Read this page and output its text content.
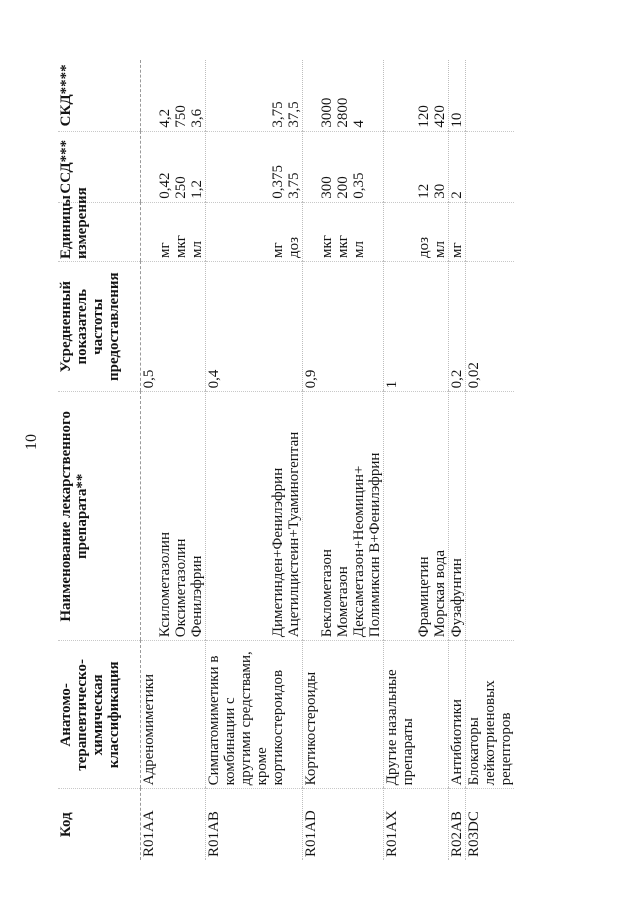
10
Код	Анатомо-терапевтическо-химическая классификация	Наименование лекарственного препарата**	Усредненный показатель частоты предоставления	Единицы измерения	ССД***	СКД****
R01AA	Адреномиметики	Ксилометазолин Оксиметазолин Фенилэфрин	0,5	мг мкг мл	0,42 250 1,2	4,2 750 3,6

R01AB	Симпатомиметики в комбинации с другими средствами, кроме кортикостероидов	Диметинден+Фенилэфрин Ацетилцистеин+Туаминогептан	0,4	мг доз	0,375 3,75	3,75 37,5

R01AD	Кортикостероиды	Беклометазон Мометазон Дексаметазон+Неомицин+ Полимиксин В+Фенилэфрин	0,9	мкг мкг мл	300 200 0,35	3000 2800 4

R01AX	Другие назальные препараты	Фрамицетин Морская вода	1	доз мл	12 30	120 420

R02AB	Антибиотики	Фузафунгин	0,2	мг	2	10

R03DC	Блокаторы лейкотриеновых рецепторов		0,02			
